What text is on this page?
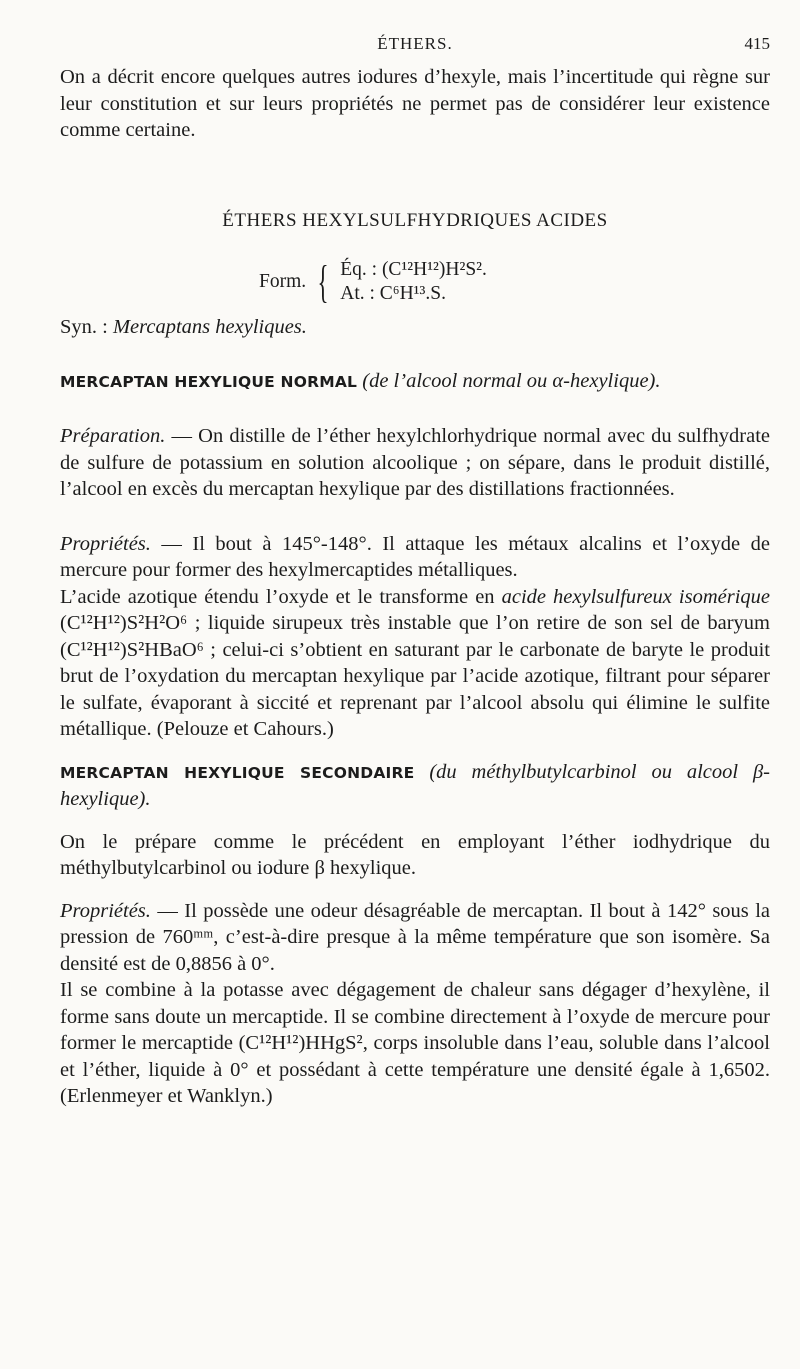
ÉTHERS.	415

On a décrit encore quelques autres iodures d’hexyle, mais l’incertitude qui règne sur leur constitution et sur leurs propriétés ne permet pas de considérer leur existence comme certaine.

ÉTHERS HEXYLSULFHYDRIQUES ACIDES
Form. { Éq. : (C¹²H¹²)H²S².
At. : C⁶H¹³.S.
Syn. : Mercaptans hexyliques.

MERCAPTAN HEXYLIQUE NORMAL (de l’alcool normal ou α-hexylique).

Préparation. — On distille de l’éther hexylchlorhydrique normal avec du sulfhydrate de sulfure de potassium en solution alcoolique ; on sépare, dans le produit distillé, l’alcool en excès du mercaptan hexylique par des distillations fractionnées.

Propriétés. — Il bout à 145°-148°. Il attaque les métaux alcalins et l’oxyde de mercure pour former des hexylmercaptides métalliques.

L’acide azotique étendu l’oxyde et le transforme en acide hexylsulfureux isomérique (C¹²H¹²)S²H²O⁶ ; liquide sirupeux très instable que l’on retire de son sel de baryum (C¹²H¹²)S²HBaO⁶ ; celui-ci s’obtient en saturant par le carbonate de baryte le produit brut de l’oxydation du mercaptan hexylique par l’acide azotique, filtrant pour séparer le sulfate, évaporant à siccité et reprenant par l’alcool absolu qui élimine le sulfite métallique. (Pelouze et Cahours.)

MERCAPTAN HEXYLIQUE SECONDAIRE (du méthylbutylcarbinol ou alcool β-hexylique).

On le prépare comme le précédent en employant l’éther iodhydrique du méthylbutylcarbinol ou iodure β hexylique.

Propriétés. — Il possède une odeur désagréable de mercaptan. Il bout à 142° sous la pression de 760ᵐᵐ, c’est-à-dire presque à la même température que son isomère. Sa densité est de 0,8856 à 0°.

Il se combine à la potasse avec dégagement de chaleur sans dégager d’hexylène, il forme sans doute un mercaptide. Il se combine directement à l’oxyde de mercure pour former le mercaptide (C¹²H¹²)HHgS², corps insoluble dans l’eau, soluble dans l’alcool et l’éther, liquide à 0° et possédant à cette température une densité égale à 1,6502. (Erlenmeyer et Wanklyn.)
